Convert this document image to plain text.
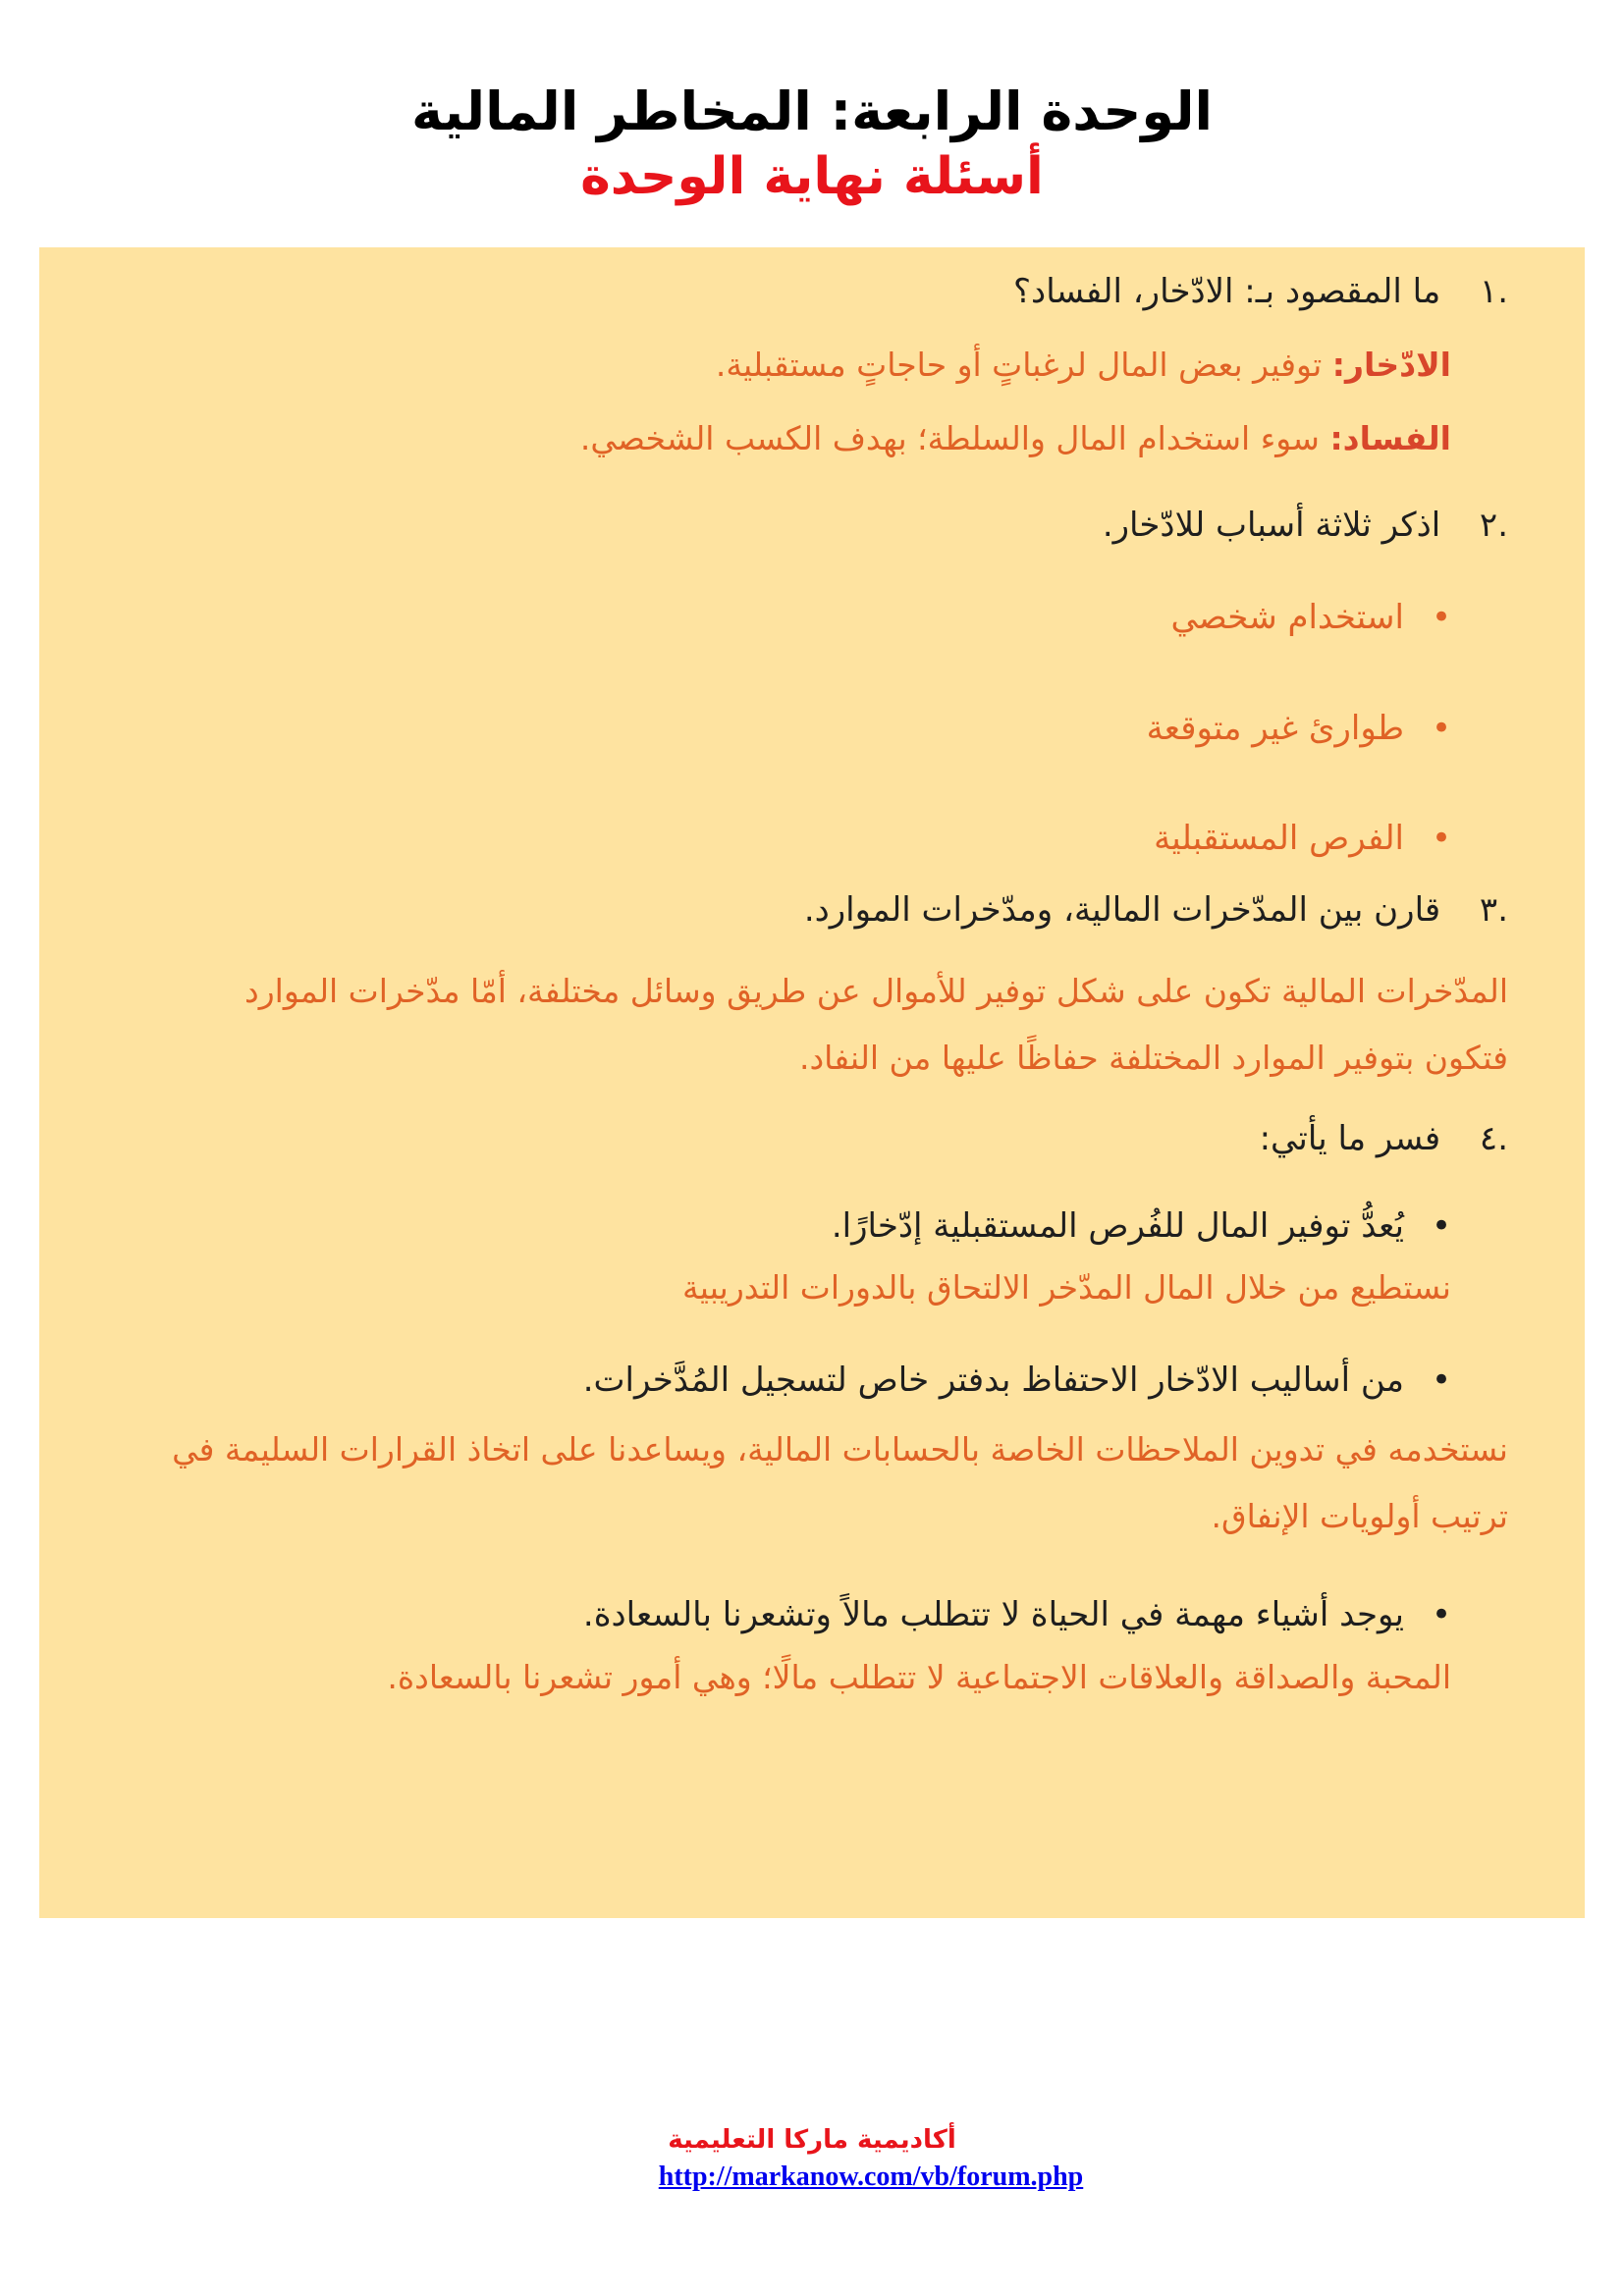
الوحدة الرابعة: المخاطر المالية
أسئلة نهاية الوحدة

.١ ما المقصود بـ: الادّخار، الفساد؟

الادّخار: توفير بعض المال لرغباتٍ أو حاجاتٍ مستقبلية.

الفساد: سوء استخدام المال والسلطة؛ بهدف الكسب الشخصي.

.٢ اذكر ثلاثة أسباب للادّخار.

•استخدام شخصي
•طوارئ غير متوقعة
•الفرص المستقبلية

.٣ قارن بين المدّخرات المالية، ومدّخرات الموارد.

المدّخرات المالية تكون على شكل توفير للأموال عن طريق وسائل مختلفة، أمّا مدّخرات الموارد
فتكون بتوفير الموارد المختلفة حفاظًا عليها من النفاد.

.٤ فسر ما يأتي:

•يُعدُّ توفير المال للفُرص المستقبلية إدّخارًا.

نستطيع من خلال المال المدّخر الالتحاق بالدورات التدريبية

•من أساليب الادّخار الاحتفاظ بدفتر خاص لتسجيل المُدَّخرات.

نستخدمه في تدوين الملاحظات الخاصة بالحسابات المالية، ويساعدنا على اتخاذ القرارات السليمة في ترتيب أولويات الإنفاق.

•يوجد أشياء مهمة في الحياة لا تتطلب مالاً وتشعرنا بالسعادة.

المحبة والصداقة والعلاقات الاجتماعية لا تتطلب مالًا؛ وهي أمور تشعرنا بالسعادة.

أكاديمية ماركا التعليمية

http://markanow.com/vb/forum.php
